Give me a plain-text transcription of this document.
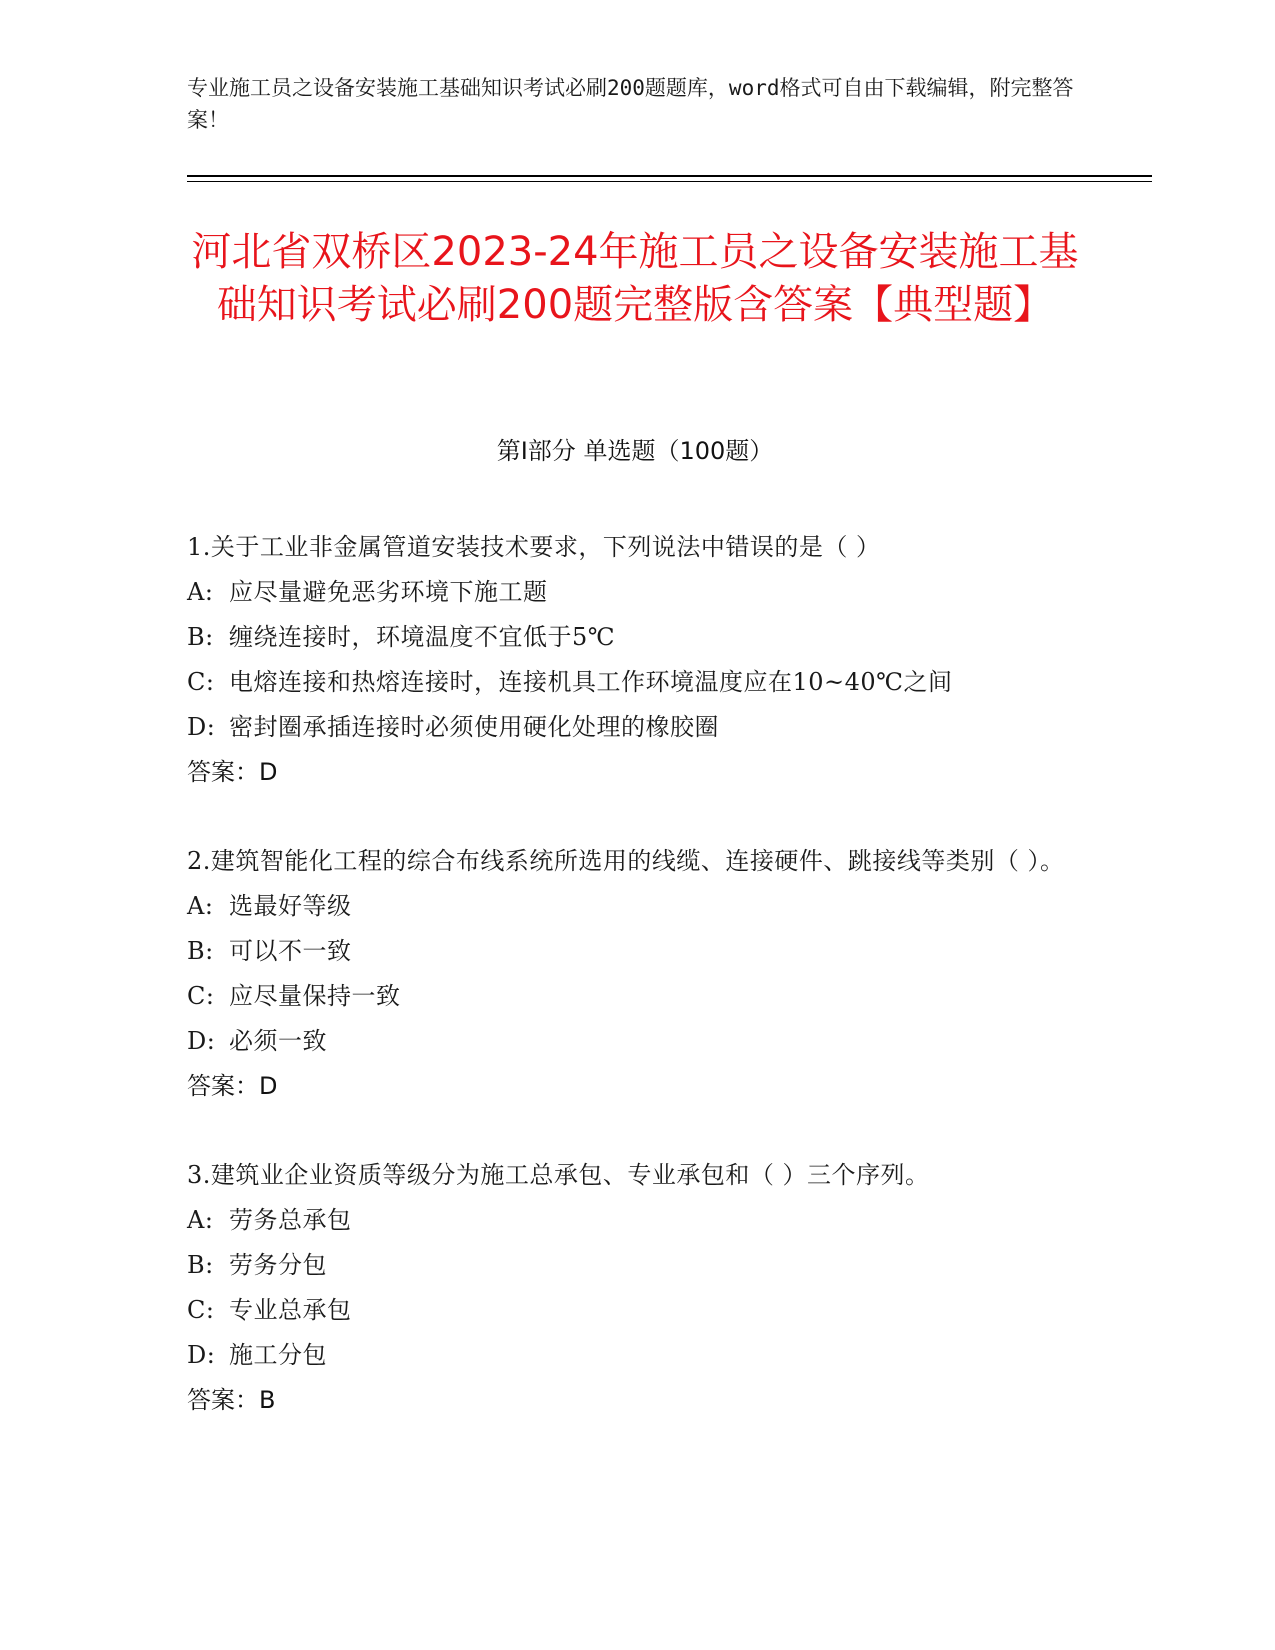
专业施工员之设备安装施工基础知识考试必刷200题题库，word格式可自由下载编辑，附完整答案！
河北省双桥区2023-24年施工员之设备安装施工基础知识考试必刷200题完整版含答案【典型题】
第I部分 单选题（100题）

1.关于工业非金属管道安装技术要求，下列说法中错误的是（ ）

A: 应尽量避免恶劣环境下施工题

B: 缠绕连接时，环境温度不宜低于5℃

C: 电熔连接和热熔连接时，连接机具工作环境温度应在10~40℃之间

D: 密封圈承插连接时必须使用硬化处理的橡胶圈

答案：D

2.建筑智能化工程的综合布线系统所选用的线缆、连接硬件、跳接线等类别（ ）。

A: 选最好等级

B: 可以不一致

C: 应尽量保持一致

D: 必须一致

答案：D

3.建筑业企业资质等级分为施工总承包、专业承包和（ ）三个序列。

A: 劳务总承包

B: 劳务分包

C: 专业总承包

D: 施工分包

答案：B
